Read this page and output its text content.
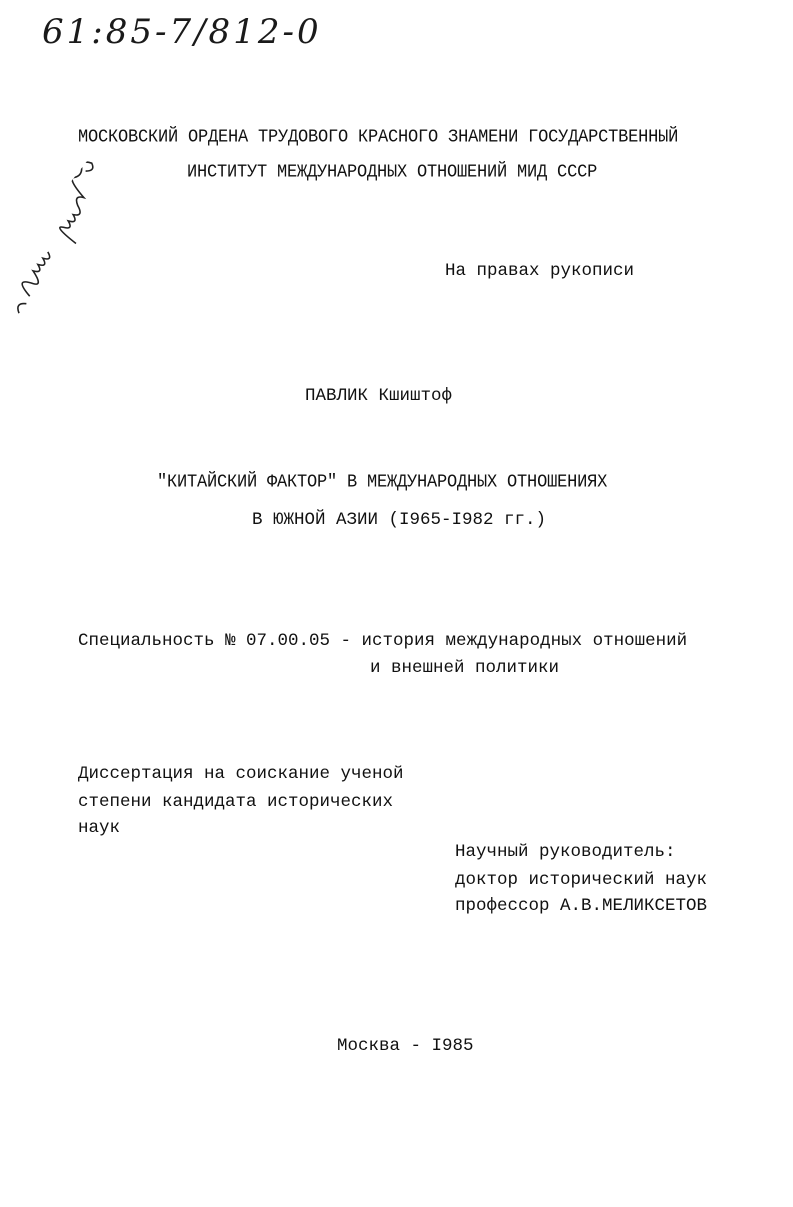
61:85-7/812-0
МОСКОВСКИЙ ОРДЕНА ТРУДОВОГО КРАСНОГО ЗНАМЕНИ ГОСУДАРСТВЕННЫЙ
ИНСТИТУТ МЕЖДУНАРОДНЫХ ОТНОШЕНИЙ МИД СССР
На правах рукописи
ПАВЛИК Кшиштоф
"КИТАЙСКИЙ ФАКТОР" В МЕЖДУНАРОДНЫХ ОТНОШЕНИЯХ
В ЮЖНОЙ АЗИИ (I965-I982 гг.)
Специальность № 07.00.05 - история международных отношений
и внешней политики
Диссертация на соискание ученой
степени кандидата исторических
наук
Научный руководитель:
доктор исторический наук
профессор А.В.МЕЛИКСЕТОВ
Москва - I985
